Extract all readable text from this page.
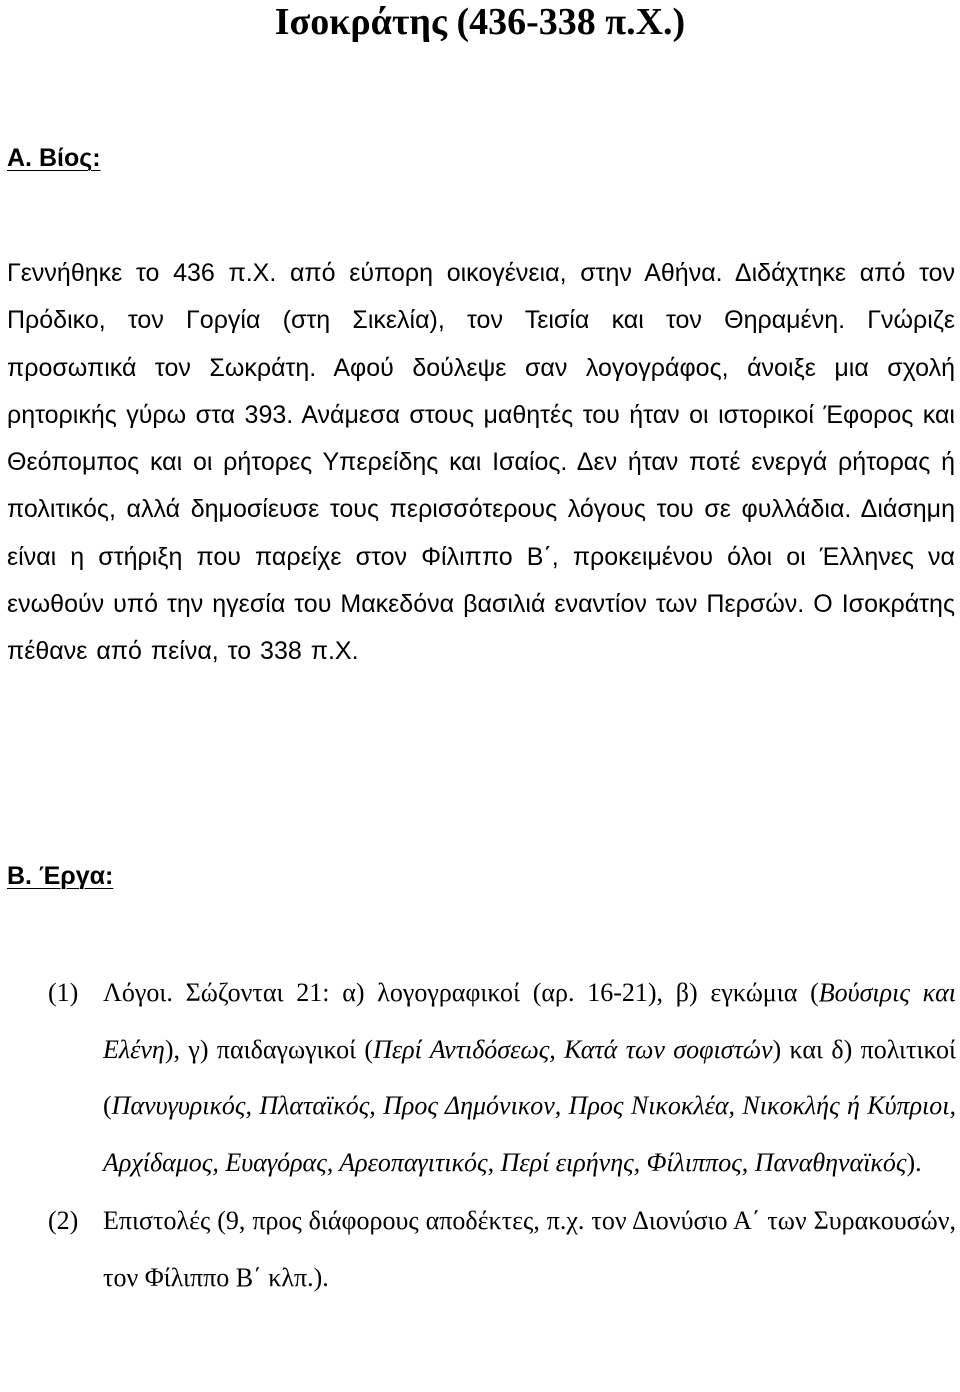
Ισοκράτης (436-338 π.Χ.)
Α. Βίος:

Γεννήθηκε το 436 π.Χ. από εύπορη οικογένεια, στην Αθήνα. Διδάχτηκε από τον Πρόδικο, τον Γοργία (στη Σικελία), τον Τεισία και τον Θηραμένη. Γνώριζε προσωπικά τον Σωκράτη. Αφού δούλεψε σαν λογογράφος, άνοιξε μια σχολή ρητορικής γύρω στα 393. Ανάμεσα στους μαθητές του ήταν οι ιστορικοί Έφορος και Θεόπομπος και οι ρήτορες Υπερείδης και Ισαίος. Δεν ήταν ποτέ ενεργά ρήτορας ή πολιτικός, αλλά δημοσίευσε τους περισσότερους λόγους του σε φυλλάδια. Διάσημη είναι η στήριξη που παρείχε στον Φίλιππο Β΄, προκειμένου όλοι οι Έλληνες να ενωθούν υπό την ηγεσία του Μακεδόνα βασιλιά εναντίον των Περσών. Ο Ισοκράτης πέθανε από πείνα, το 338 π.Χ.

Β. Έργα:
(1) Λόγοι. Σώζονται 21: α) λογογραφικοί (αρ. 16-21), β) εγκώμια (Βούσιρις και Ελένη), γ) παιδαγωγικοί (Περί Αντιδόσεως, Κατά των σοφιστών) και δ) πολιτικοί (Πανυγυρικός, Πλαταϊκός, Προς Δημόνικον, Προς Νικοκλέα, Νικοκλής ή Κύπριοι, Αρχίδαμος, Ευαγόρας, Αρεοπαγιτικός, Περί ειρήνης, Φίλιππος, Παναθηναϊκός).
(2) Επιστολές (9, προς διάφορους αποδέκτες, π.χ. τον Διονύσιο Α΄ των Συρακουσών, τον Φίλιππο Β΄ κλπ.).
